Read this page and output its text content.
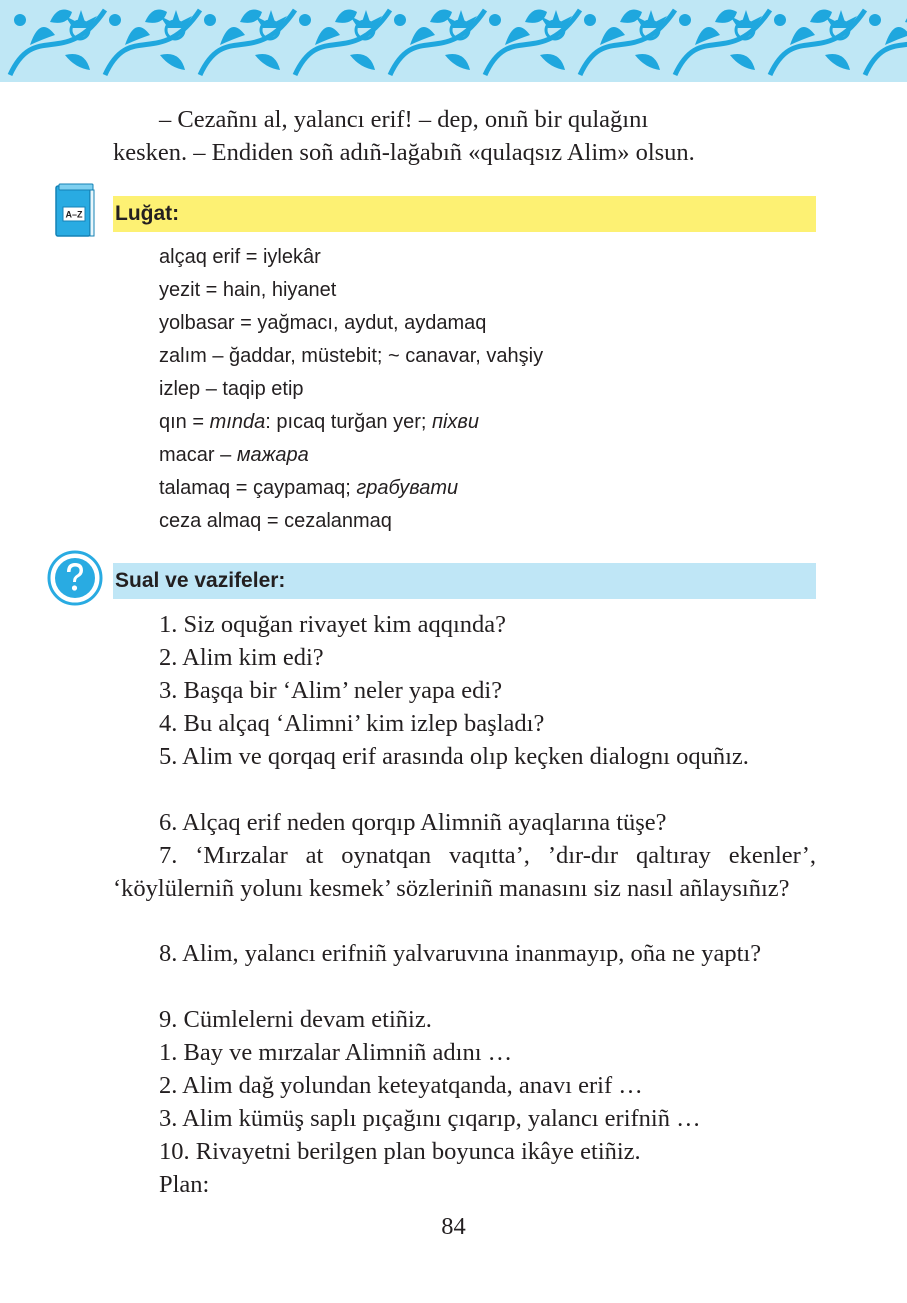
– Cezañnı al, yalancı erif! – dep, onıñ bir qulağını
kesken. – Endiden soñ adıñ-lağabıñ «qulaqsız Alim» olsun.
A–Z Luğat:
alçaq erif = iylekâr
yezit = hain, hiyanet
yolbasar = yağmacı, aydut, aydamaq
zalım – ğaddar, müstebit; ~ canavar, vahşiy
izlep – taqip etip
qın = mında: pıcaq turğan yer; піхви
macar – мажара
talamaq = çaypamaq; грабувати
ceza almaq = cezalanmaq
Sual ve vazifeler:
1. Siz oquğan rivayet kim aqqında?
2. Alim kim edi?
3. Başqa bir ‘Alim’ neler yapa edi?
4. Bu alçaq ‘Alimni’ kim izlep başladı?
5. Alim ve qorqaq erif arasında olıp keçken dialognı oquñız.
6. Alçaq erif neden qorqıp Alimniñ ayaqlarına tüşe?
7. ‘Mırzalar at oynatqan vaqıtta’, ’dır-dır qaltıray ekenler’, ‘köylülerniñ yolunı kesmek’ sözleriniñ manasını siz nasıl añlaysıñız?
8. Alim, yalancı erifniñ yalvaruvına inanmayıp, oña ne yaptı?
9. Cümlelerni devam etiñiz.
1. Bay ve mırzalar Alimniñ adını …
2. Alim dağ yolundan keteyatqanda, anavı erif …
3. Alim kümüş saplı pıçağını çıqarıp, yalancı erifniñ …
10. Rivayetni berilgen plan boyunca ikâye etiñiz.
Plan:
84
